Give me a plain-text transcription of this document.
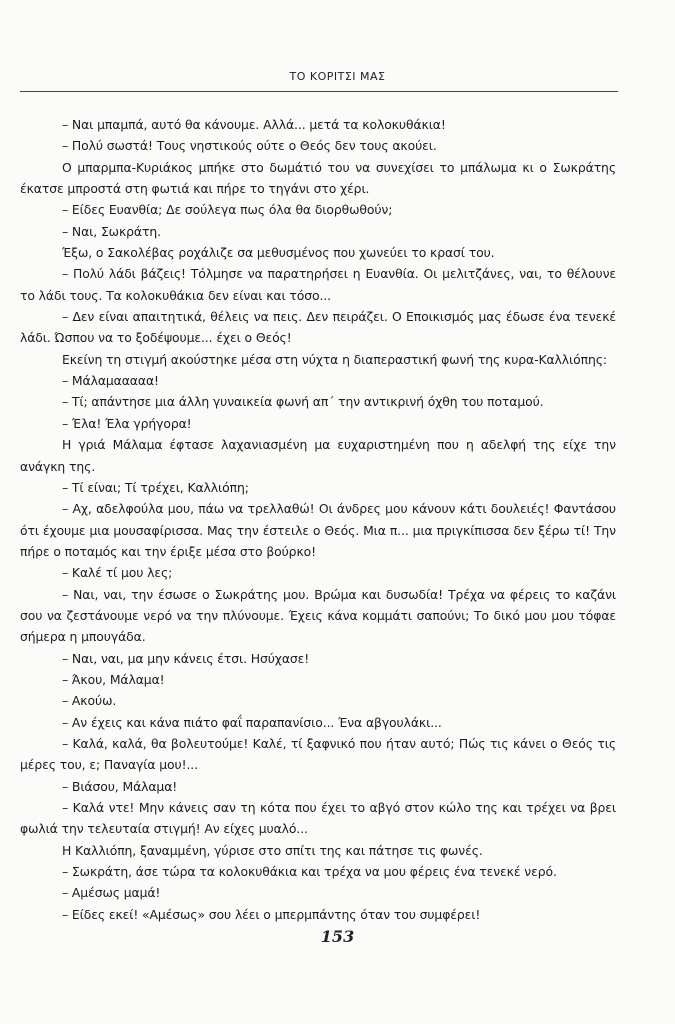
ΤΟ ΚΟΡΙΤΣΙ ΜΑΣ

– Ναι μπαμπά, αυτό θα κάνουμε. Αλλά... μετά τα κολοκυθάκια!

– Πολύ σωστά! Τους νηστικούς ούτε ο Θεός δεν τους ακούει.

Ο μπαρμπα-Κυριάκος μπήκε στο δωμάτιό του να συνεχίσει το μπάλωμα κι ο Σωκράτης έκατσε μπροστά στη φωτιά και πήρε το τηγάνι στο χέρι.

– Είδες Ευανθία; Δε σούλεγα πως όλα θα διορθωθούν;

– Ναι, Σωκράτη.

Έξω, ο Σακολέβας ροχάλιζε σα μεθυσμένος που χωνεύει το κρασί του.

– Πολύ λάδι βάζεις! Τόλμησε να παρατηρήσει η Ευανθία. Οι μελιτζάνες, ναι, το θέλουνε το λάδι τους. Τα κολοκυθάκια δεν είναι και τόσο...

– Δεν είναι απαιτητικά, θέλεις να πεις. Δεν πειράζει. Ο Εποικισμός μας έδωσε ένα τενεκέ λάδι. Ώσπου να το ξοδέψουμε... έχει ο Θεός!

Εκείνη τη στιγμή ακούστηκε μέσα στη νύχτα η διαπεραστική φωνή της κυρα-Καλλιόπης:

– Μάλαμααααα!

– Τί; απάντησε μια άλλη γυναικεία φωνή απ΄ την αντικρινή όχθη του ποταμού.

– Έλα! Έλα γρήγορα!

Η γριά Μάλαμα έφτασε λαχανιασμένη μα ευχαριστημένη που η αδελφή της είχε την ανάγκη της.

– Τί είναι; Τί τρέχει, Καλλιόπη;

– Αχ, αδελφούλα μου, πάω να τρελλαθώ! Οι άνδρες μου κάνουν κάτι δουλειές! Φαντάσου ότι έχουμε μια μουσαφίρισσα. Μας την έστειλε ο Θεός. Μια π... μια πριγκίπισσα δεν ξέρω τί! Την πήρε ο ποταμός και την έριξε μέσα στο βούρκο!

– Καλέ τί μου λες;

– Ναι, ναι, την έσωσε ο Σωκράτης μου. Βρώμα και δυσωδία! Τρέχα να φέρεις το καζάνι σου να ζεστάνουμε νερό να την πλύνουμε. Έχεις κάνα κομμάτι σαπούνι; Το δικό μου μου τόφαε σήμερα η μπουγάδα.

– Ναι, ναι, μα μην κάνεις έτσι. Ησύχασε!

– Άκου, Μάλαμα!

– Ακούω.

– Αν έχεις και κάνα πιάτο φαΐ παραπανίσιο... Ένα αβγουλάκι...

– Καλά, καλά, θα βολευτούμε! Καλέ, τί ξαφνικό που ήταν αυτό; Πώς τις κάνει ο Θεός τις μέρες του, ε; Παναγία μου!...

– Βιάσου, Μάλαμα!

– Καλά ντε! Μην κάνεις σαν τη κότα που έχει το αβγό στον κώλο της και τρέχει να βρει φωλιά την τελευταία στιγμή! Αν είχες μυαλό...

Η Καλλιόπη, ξαναμμένη, γύρισε στο σπίτι της και πάτησε τις φωνές.

– Σωκράτη, άσε τώρα τα κολοκυθάκια και τρέχα να μου φέρεις ένα τενεκέ νερό.

– Αμέσως μαμά!

– Είδες εκεί! «Αμέσως» σου λέει ο μπερμπάντης όταν του συμφέρει!

153
